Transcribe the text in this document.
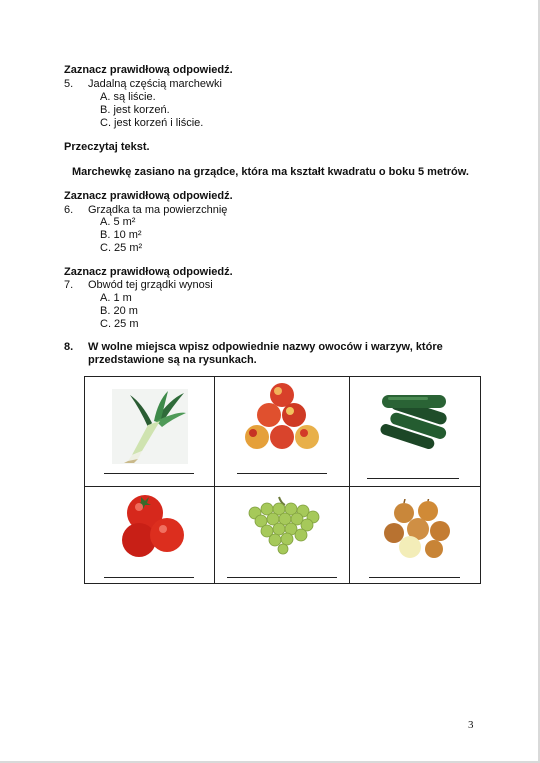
Zaznacz prawidłową odpowiedź.
5. Jadalną częścią marchewki
A. są liście.
B. jest korzeń.
C. jest korzeń i liście.
Przeczytaj tekst.
Marchewkę zasiano na grządce, która ma kształt kwadratu o boku 5 metrów.
Zaznacz prawidłową odpowiedź.
6. Grządka ta ma powierzchnię
A. 5 m²
B. 10 m²
C. 25 m²
Zaznacz prawidłową odpowiedź.
7. Obwód tej grządki wynosi
A. 1 m
B. 20 m
C. 25 m
8. W wolne miejsca wpisz odpowiednie nazwy owoców i warzyw, które
przedstawione są na rysunkach.
3
